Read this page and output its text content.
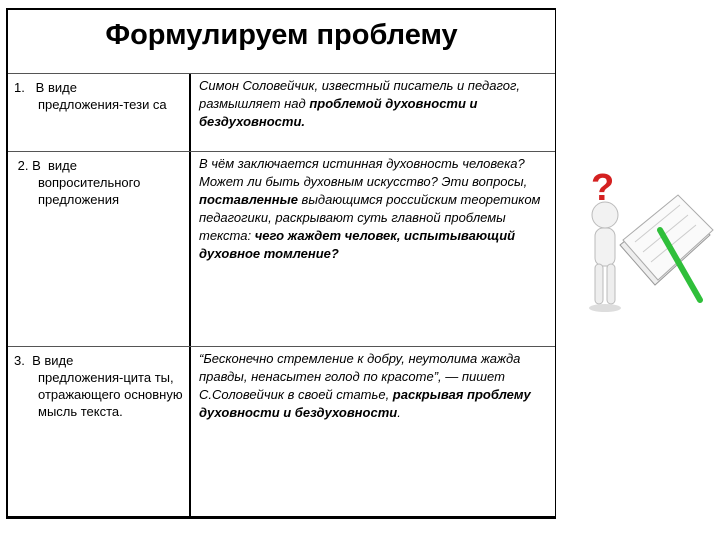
Формулируем проблему
1.   В виде
предложения-тези са
Симон Соловейчик, известный писатель и педагог, размышляет над проблемой духовности и бездуховности.
2. В  виде
вопросительного предложения
В чём заключается истинная духовность человека? Может ли быть духовным искусство? Эти вопросы, поставленные выдающимся российским теоретиком педагогики, раскрывают суть главной проблемы текста: чего жаждет человек, испытывающий духовное томление?
3.  В виде
предложения-цита ты, отражающего основную мысль текста.
“Бесконечно стремление к добру, неутолима жажда правды, ненасытен голод по красоте”, — пишет С.Соловейчик в своей статье, раскрывая проблему духовности и бездуховности.
?
